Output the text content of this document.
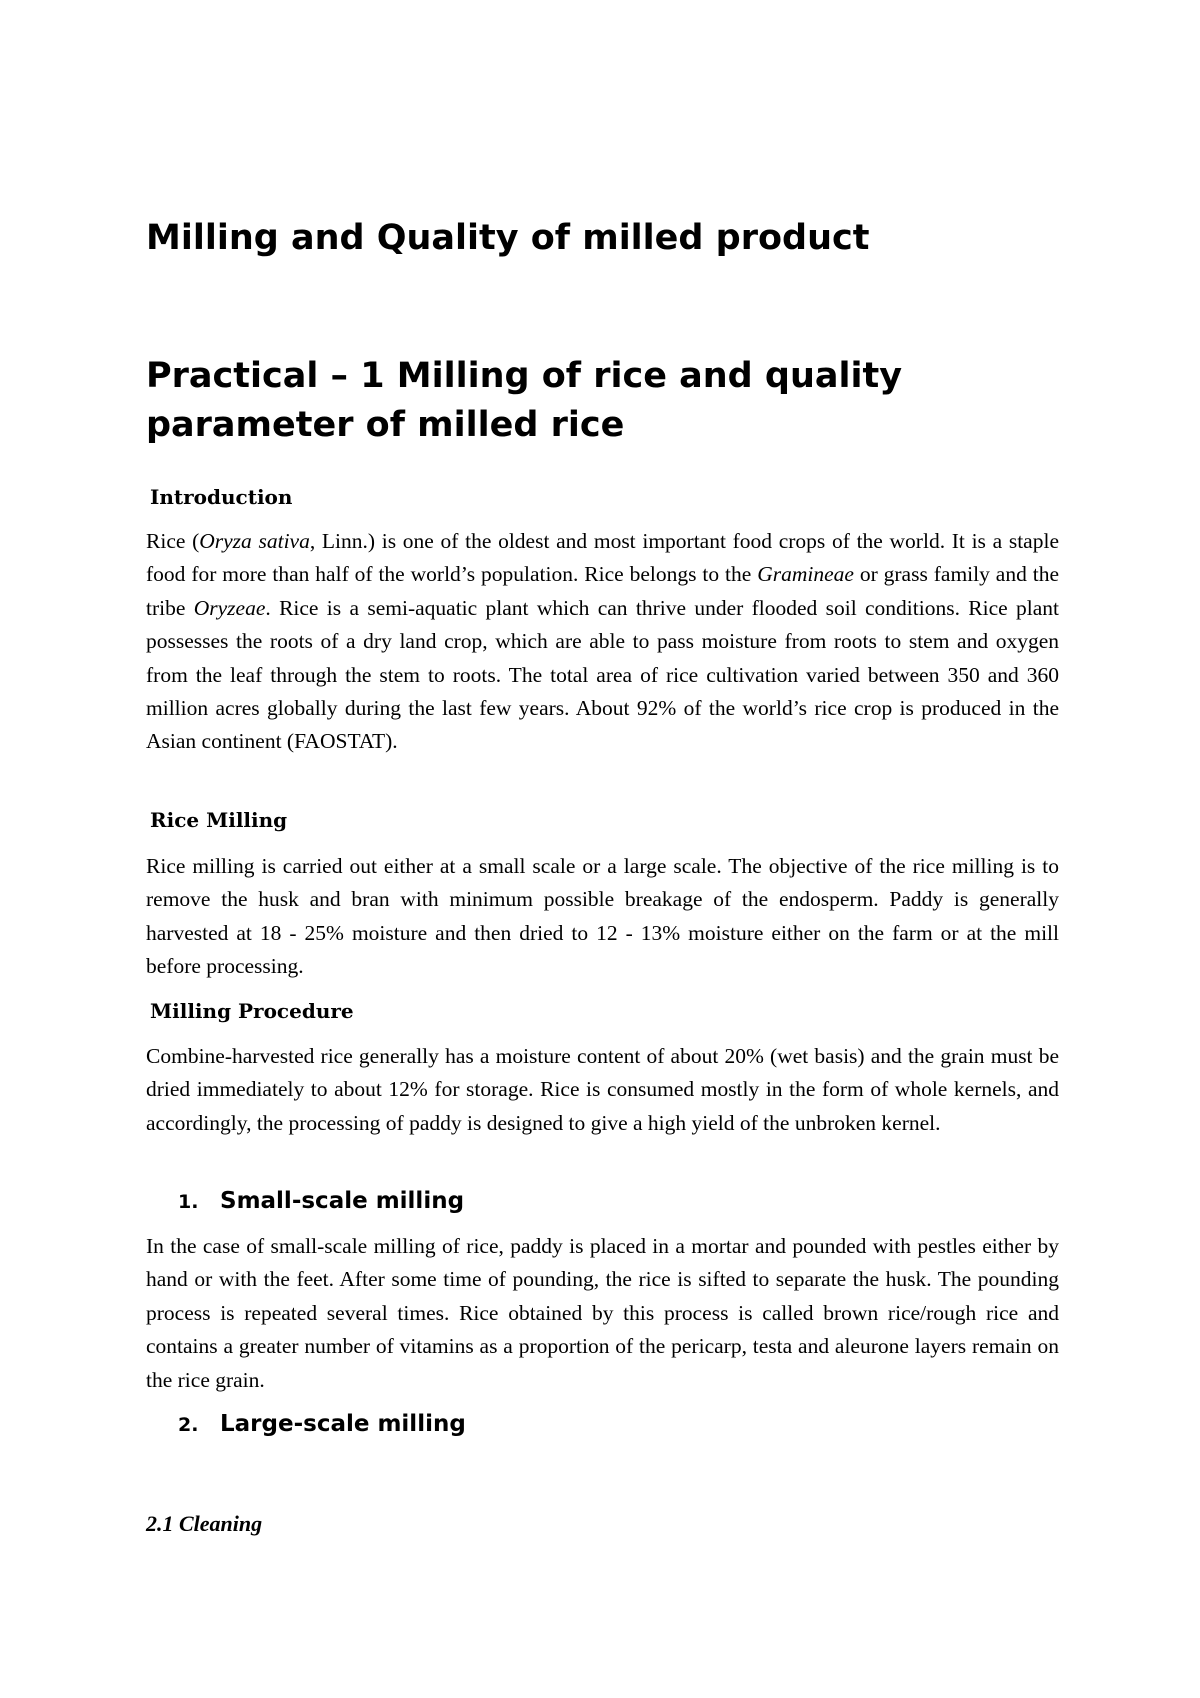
Milling and Quality of milled product
Practical – 1 Milling of rice and quality
parameter of milled rice
Introduction

Rice (Oryza sativa, Linn.) is one of the oldest and most important food crops of the world. It is a staple food for more than half of the world’s population. Rice belongs to the Gramineae or grass family and the tribe Oryzeae. Rice is a semi-aquatic plant which can thrive under flooded soil conditions. Rice plant possesses the roots of a dry land crop, which are able to pass moisture from roots to stem and oxygen from the leaf through the stem to roots. The total area of rice cultivation varied between 350 and 360 million acres globally during the last few years. About 92% of the world’s rice crop is produced in the Asian continent (FAOSTAT).

Rice Milling

Rice milling is carried out either at a small scale or a large scale. The objective of the rice milling is to remove the husk and bran with minimum possible breakage of the endosperm. Paddy is generally harvested at 18 - 25% moisture and then dried to 12 - 13% moisture either on the farm or at the mill before processing.

Milling Procedure

Combine-harvested rice generally has a moisture content of about 20% (wet basis) and the grain must be dried immediately to about 12% for storage. Rice is consumed mostly in the form of whole kernels, and accordingly, the processing of paddy is designed to give a high yield of the unbroken kernel.

1. Small-scale milling

In the case of small-scale milling of rice, paddy is placed in a mortar and pounded with pestles either by hand or with the feet. After some time of pounding, the rice is sifted to separate the husk. The pounding process is repeated several times. Rice obtained by this process is called brown rice/rough rice and contains a greater number of vitamins as a proportion of the pericarp, testa and aleurone layers remain on the rice grain.

2. Large-scale milling
2.1 Cleaning
